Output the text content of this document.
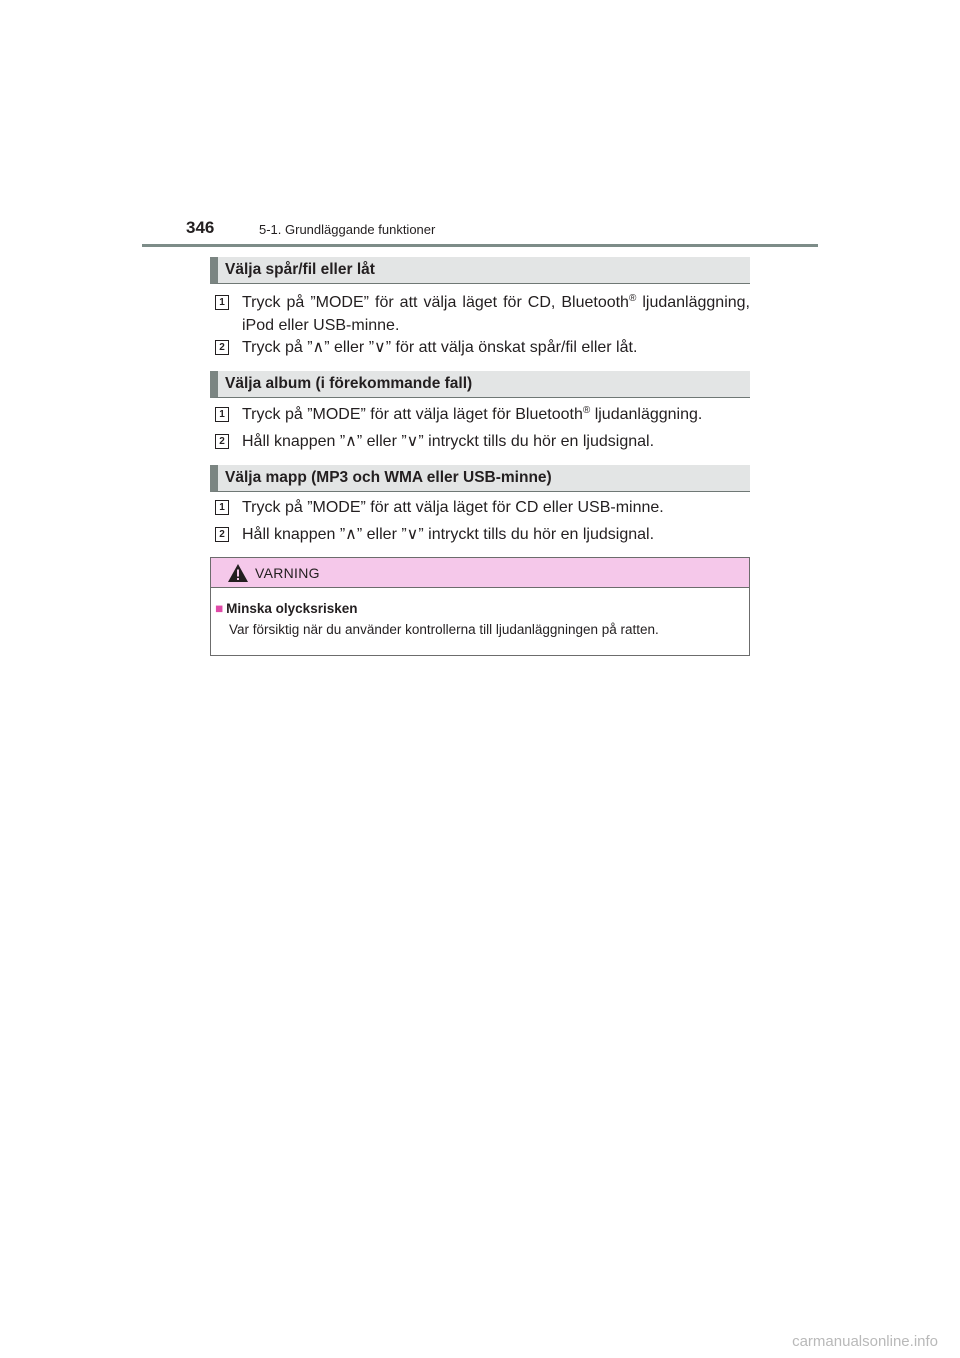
346	5-1. Grundläggande funktioner
Välja spår/fil eller låt
1 Tryck på ”MODE” för att välja läget för CD, Bluetooth® ljudanläggning, iPod eller USB-minne.
2 Tryck på ”∧” eller ”∨” för att välja önskat spår/fil eller låt.
Välja album (i förekommande fall)
1 Tryck på ”MODE” för att välja läget för Bluetooth® ljudanläggning.
2 Håll knappen ”∧” eller ”∨” intryckt tills du hör en ljudsignal.
Välja mapp (MP3 och WMA eller USB-minne)
1 Tryck på ”MODE” för att välja läget för CD eller USB-minne.
2 Håll knappen ”∧” eller ”∨” intryckt tills du hör en ljudsignal.
VARNING
■ Minska olycksrisken
Var försiktig när du använder kontrollerna till ljudanläggningen på ratten.
carmanualsonline.info
